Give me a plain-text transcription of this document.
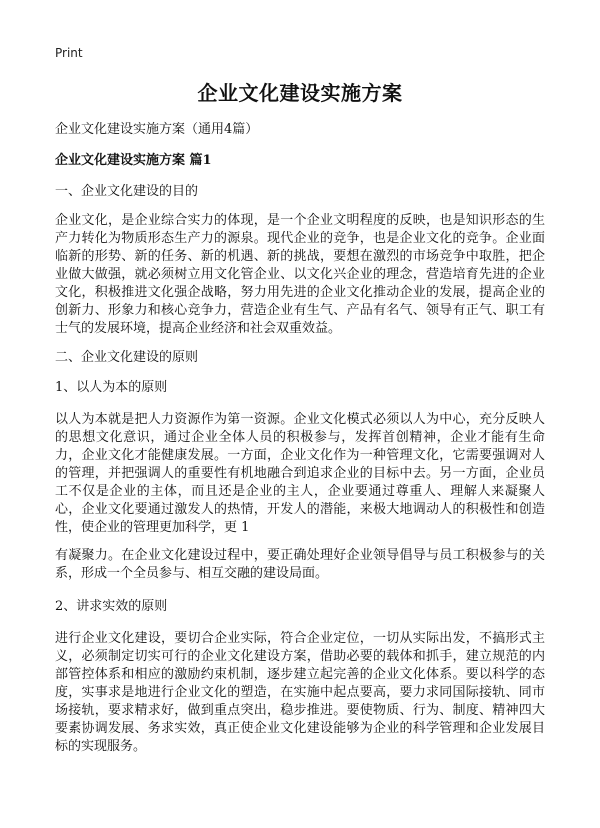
Print
企业文化建设实施方案

企业文化建设实施方案（通用4篇）

企业文化建设实施方案 篇1

一、企业文化建设的目的

企业文化，是企业综合实力的体现，是一个企业文明程度的反映，也是知识形态的生产力转化为物质形态生产力的源泉。现代企业的竞争，也是企业文化的竞争。企业面临新的形势、新的任务、新的机遇、新的挑战，要想在激烈的市场竞争中取胜，把企业做大做强，就必须树立用文化管企业、以文化兴企业的理念，营造培育先进的企业文化，积极推进文化强企战略，努力用先进的企业文化推动企业的发展，提高企业的创新力、形象力和核心竞争力，营造企业有生气、产品有名气、领导有正气、职工有士气的发展环境，提高企业经济和社会双重效益。

二、企业文化建设的原则

1、以人为本的原则

以人为本就是把人力资源作为第一资源。企业文化模式必须以人为中心，充分反映人的思想文化意识，通过企业全体人员的积极参与，发挥首创精神，企业才能有生命力，企业文化才能健康发展。一方面，企业文化作为一种管理文化，它需要强调对人的管理，并把强调人的重要性有机地融合到追求企业的目标中去。另一方面，企业员工不仅是企业的主体，而且还是企业的主人，企业要通过尊重人、理解人来凝聚人心，企业文化要通过激发人的热情，开发人的潜能，来极大地调动人的积极性和创造性，使企业的管理更加科学，更 1

有凝聚力。在企业文化建设过程中，要正确处理好企业领导倡导与员工积极参与的关系，形成一个全员参与、相互交融的建设局面。

2、讲求实效的原则

进行企业文化建设，要切合企业实际，符合企业定位，一切从实际出发，不搞形式主义，必须制定切实可行的企业文化建设方案，借助必要的载体和抓手，建立规范的内部管控体系和相应的激励约束机制，逐步建立起完善的企业文化体系。要以科学的态度，实事求是地进行企业文化的塑造，在实施中起点要高，要力求同国际接轨、同市场接轨，要求精求好，做到重点突出，稳步推进。要使物质、行为、制度、精神四大要素协调发展、务求实效，真正使企业文化建设能够为企业的科学管理和企业发展目标的实现服务。
